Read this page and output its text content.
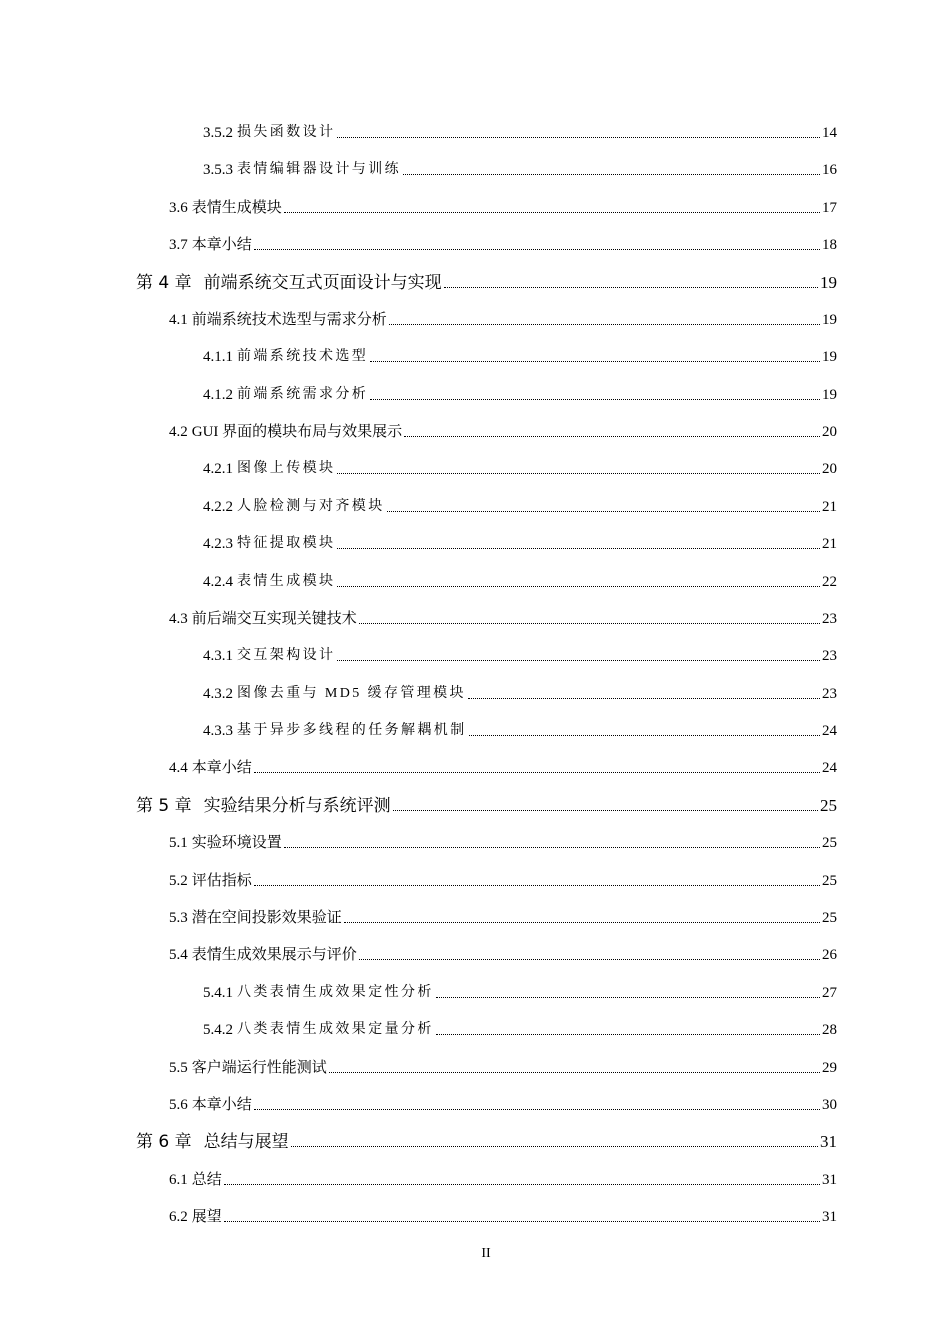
3.5.2 损失函数设计	14
3.5.3 表情编辑器设计与训练	16
3.6 表情生成模块	17
3.7 本章小结	18
第 4 章 前端系统交互式页面设计与实现	19
4.1 前端系统技术选型与需求分析	19
4.1.1 前端系统技术选型	19
4.1.2 前端系统需求分析	19
4.2 GUI 界面的模块布局与效果展示	20
4.2.1 图像上传模块	20
4.2.2 人脸检测与对齐模块	21
4.2.3 特征提取模块	21
4.2.4 表情生成模块	22
4.3 前后端交互实现关键技术	23
4.3.1 交互架构设计	23
4.3.2 图像去重与 MD5 缓存管理模块	23
4.3.3 基于异步多线程的任务解耦机制	24
4.4 本章小结	24
第 5 章 实验结果分析与系统评测	25
5.1 实验环境设置	25
5.2 评估指标	25
5.3 潜在空间投影效果验证	25
5.4 表情生成效果展示与评价	26
5.4.1 八类表情生成效果定性分析	27
5.4.2 八类表情生成效果定量分析	28
5.5 客户端运行性能测试	29
5.6 本章小结	30
第 6 章 总结与展望	31
6.1 总结	31
6.2 展望	31
II
